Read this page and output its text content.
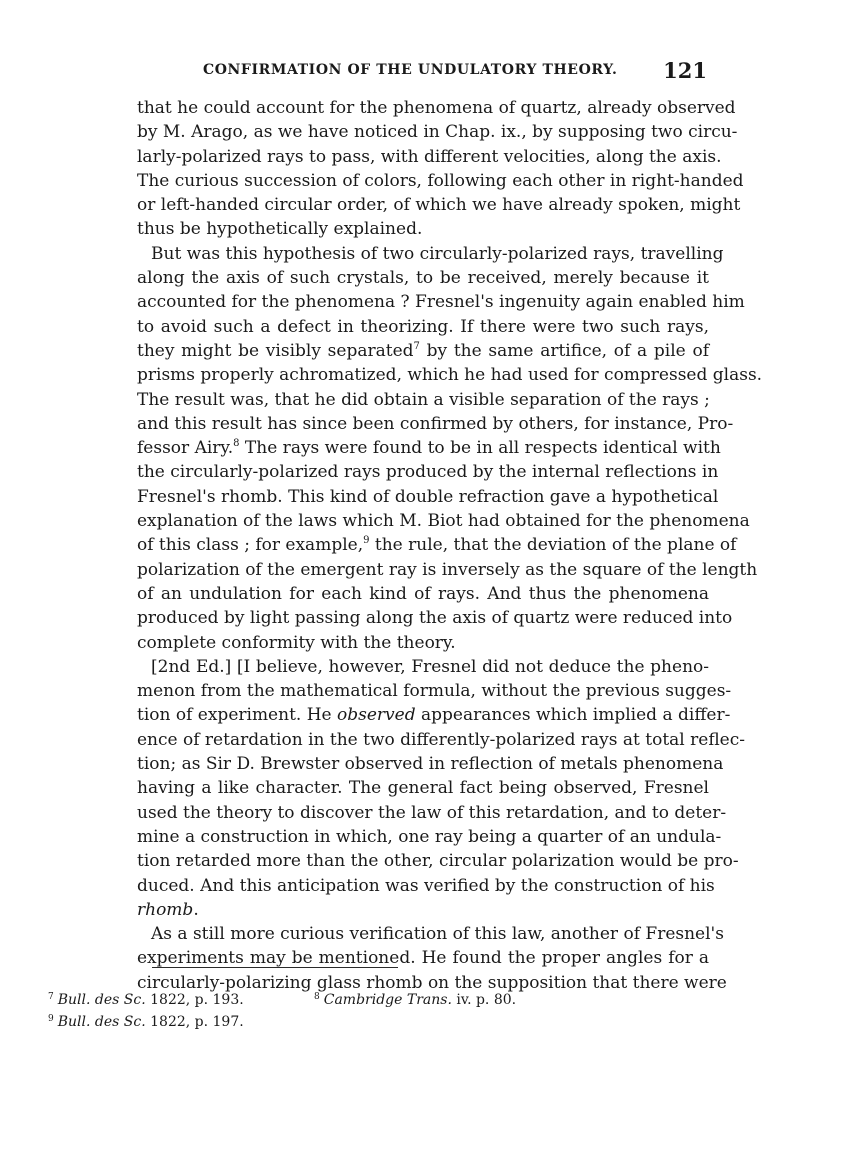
CONFIRMATION OF THE UNDULATORY THEORY. 121
that he could account for the phenomena of quartz, already observed
by M. Arago, as we have noticed in Chap. ix., by supposing two circu-
larly-polarized rays to pass, with different velocities, along the axis.
The curious succession of colors, following each other in right-handed
or left-handed circular order, of which we have already spoken, might
thus be hypothetically explained.
But was this hypothesis of two circularly-polarized rays, travelling
along the axis of such crystals, to be received, merely because it
accounted for the phenomena ? Fresnel's ingenuity again enabled him
to avoid such a defect in theorizing. If there were two such rays,
they might be visibly separated$^7$ by the same artifice, of a pile of
prisms properly achromatized, which he had used for compressed glass.
The result was, that he did obtain a visible separation of the rays ;
and this result has since been confirmed by others, for instance, Pro-
fessor Airy.$^8$ The rays were found to be in all respects identical with
the circularly-polarized rays produced by the internal reflections in
Fresnel's rhomb. This kind of double refraction gave a hypothetical
explanation of the laws which M. Biot had obtained for the phenomena
of this class ; for example,$^9$ the rule, that the deviation of the plane of
polarization of the emergent ray is inversely as the square of the length
of an undulation for each kind of rays. And thus the phenomena
produced by light passing along the axis of quartz were reduced into
complete conformity with the theory.
[2nd Ed.] [I believe, however, Fresnel did not deduce the pheno-
menon from the mathematical formula, without the previous sugges-
tion of experiment. He observed appearances which implied a differ-
ence of retardation in the two differently-polarized rays at total reflec-
tion; as Sir D. Brewster observed in reflection of metals phenomena
having a like character. The general fact being observed, Fresnel
used the theory to discover the law of this retardation, and to deter-
mine a construction in which, one ray being a quarter of an undula-
tion retarded more than the other, circular polarization would be pro-
duced. And this anticipation was verified by the construction of his
rhomb.
As a still more curious verification of this law, another of Fresnel's
experiments may be mentioned. He found the proper angles for a
circularly-polarizing glass rhomb on the supposition that there were
$^7$ Bull. des Sc. 1822, p. 193.	$^8$ Cambridge Trans. iv. p. 80.
$^9$ Bull. des Sc. 1822, p. 197.
